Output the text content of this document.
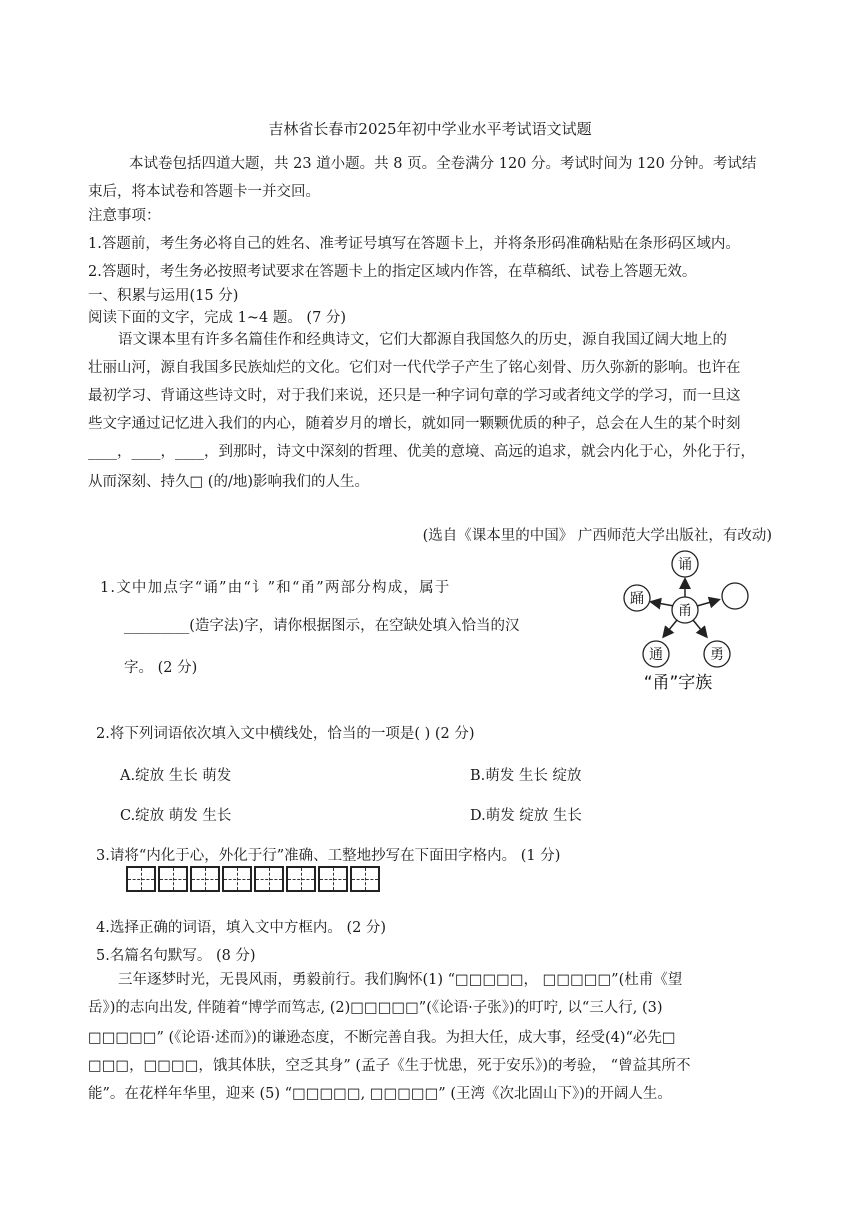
吉林省长春市2025年初中学业水平考试语文试题
本试卷包括四道大题，共 23 道小题。共 8 页。全卷满分 120 分。考试时间为 120 分钟。考试结
束后，将本试卷和答题卡一并交回。
注意事项：
1.答题前，考生务必将自己的姓名、准考证号填写在答题卡上，并将条形码准确粘贴在条形码区域内。
2.答题时，考生务必按照考试要求在答题卡上的指定区域内作答，在草稿纸、试卷上答题无效。
一、积累与运用(15 分)
阅读下面的文字，完成 1~4 题。 (7 分)
语文课本里有许多名篇佳作和经典诗文，它们大都源自我国悠久的历史，源自我国辽阔大地上的
壮丽山河，源自我国多民族灿烂的文化。它们对一代代学子产生了铭心刻骨、历久弥新的影响。也许在
最初学习、背诵这些诗文时，对于我们来说，还只是一种字词句章的学习或者纯文学的学习，而一旦这
些文字通过记忆进入我们的内心，随着岁月的增长，就如同一颗颗优质的种子，总会在人生的某个时刻
____，____，____，到那时，诗文中深刻的哲理、优美的意境、高远的追求，就会内化于心，外化于行，
从而深刻、持久□ (的/地)影响我们的人生。
(选自《课本里的中国》 广西师范大学出版社，有改动)
1.文中加点字“诵”由“讠”和“甬”两部分构成，属于
_________(造字法)字，请你根据图示，在空缺处填入恰当的汉
字。 (2 分)
诵
甬
踊
通	勇
“甬”字族
2.将下列词语依次填入文中横线处，恰当的一项是( ) (2 分)
A.绽放 生长 萌发	B.萌发 生长 绽放
C.绽放 萌发 生长	D.萌发 绽放 生长
3.请将“内化于心，外化于行”准确、工整地抄写在下面田字格内。 (1 分)
4.选择正确的词语，填入文中方框内。 (2 分)
5.名篇名句默写。 (8 分)
三年逐梦时光，无畏风雨，勇毅前行。我们胸怀(1) “□□□□□， □□□□□”(杜甫《望
岳》)的志向出发, 伴随着“博学而笃志, (2)□□□□□”(《论语·子张》)的叮咛, 以“三人行, (3)
□□□□□” (《论语·述而》)的谦逊态度，不断完善自我。为担大任，成大事，经受(4)“必先□
□□□，□□□□，饿其体肤，空乏其身” (孟子《生于忧患，死于安乐》)的考验， “曾益其所不
能”。在花样年华里，迎来 (5) “□□□□□, □□□□□” (王湾《次北固山下》)的开阔人生。
